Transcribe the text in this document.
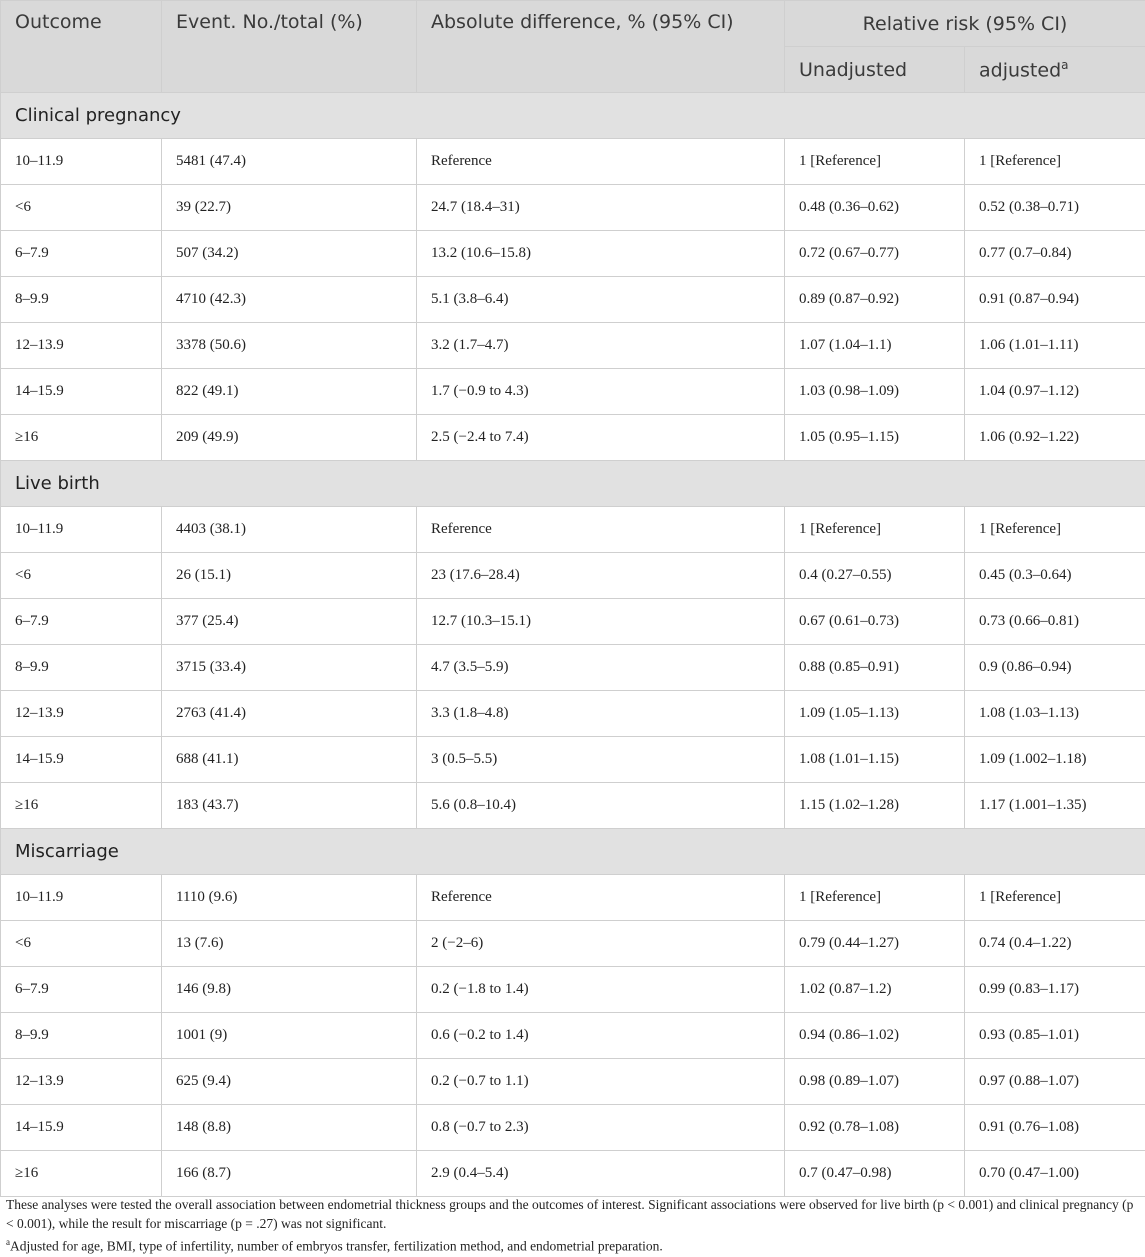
Outcome	Event. No./total (%)	Absolute difference, % (95% CI)	Relative risk (95% CI)	
			Unadjusted	adjusted$^a$
Clinical pregnancy				
10–11.9	5481 (47.4)	Reference	1 [Reference]	1 [Reference]
<6	39 (22.7)	24.7 (18.4–31)	0.48 (0.36–0.62)	0.52 (0.38–0.71)
6–7.9	507 (34.2)	13.2 (10.6–15.8)	0.72 (0.67–0.77)	0.77 (0.7–0.84)
8–9.9	4710 (42.3)	5.1 (3.8–6.4)	0.89 (0.87–0.92)	0.91 (0.87–0.94)
12–13.9	3378 (50.6)	3.2 (1.7–4.7)	1.07 (1.04–1.1)	1.06 (1.01–1.11)
14–15.9	822 (49.1)	1.7 (−0.9 to 4.3)	1.03 (0.98–1.09)	1.04 (0.97–1.12)
≥16	209 (49.9)	2.5 (−2.4 to 7.4)	1.05 (0.95–1.15)	1.06 (0.92–1.22)
Live birth				
10–11.9	4403 (38.1)	Reference	1 [Reference]	1 [Reference]
<6	26 (15.1)	23 (17.6–28.4)	0.4 (0.27–0.55)	0.45 (0.3–0.64)
6–7.9	377 (25.4)	12.7 (10.3–15.1)	0.67 (0.61–0.73)	0.73 (0.66–0.81)
8–9.9	3715 (33.4)	4.7 (3.5–5.9)	0.88 (0.85–0.91)	0.9 (0.86–0.94)
12–13.9	2763 (41.4)	3.3 (1.8–4.8)	1.09 (1.05–1.13)	1.08 (1.03–1.13)
14–15.9	688 (41.1)	3 (0.5–5.5)	1.08 (1.01–1.15)	1.09 (1.002–1.18)
≥16	183 (43.7)	5.6 (0.8–10.4)	1.15 (1.02–1.28)	1.17 (1.001–1.35)
Miscarriage				
10–11.9	1110 (9.6)	Reference	1 [Reference]	1 [Reference]
<6	13 (7.6)	2 (−2–6)	0.79 (0.44–1.27)	0.74 (0.4–1.22)
6–7.9	146 (9.8)	0.2 (−1.8 to 1.4)	1.02 (0.87–1.2)	0.99 (0.83–1.17)
8–9.9	1001 (9)	0.6 (−0.2 to 1.4)	0.94 (0.86–1.02)	0.93 (0.85–1.01)
12–13.9	625 (9.4)	0.2 (−0.7 to 1.1)	0.98 (0.89–1.07)	0.97 (0.88–1.07)
14–15.9	148 (8.8)	0.8 (−0.7 to 2.3)	0.92 (0.78–1.08)	0.91 (0.76–1.08)
≥16	166 (8.7)	2.9 (0.4–5.4)	0.7 (0.47–0.98)	0.70 (0.47–1.00)

These analyses were tested the overall association between endometrial thickness groups and the outcomes of interest. Significant associations were observed for live birth (p < 0.001) and clinical pregnancy (p < 0.001), while the result for miscarriage (p = .27) was not significant.

$^a$Adjusted for age, BMI, type of infertility, number of embryos transfer, fertilization method, and endometrial preparation.
